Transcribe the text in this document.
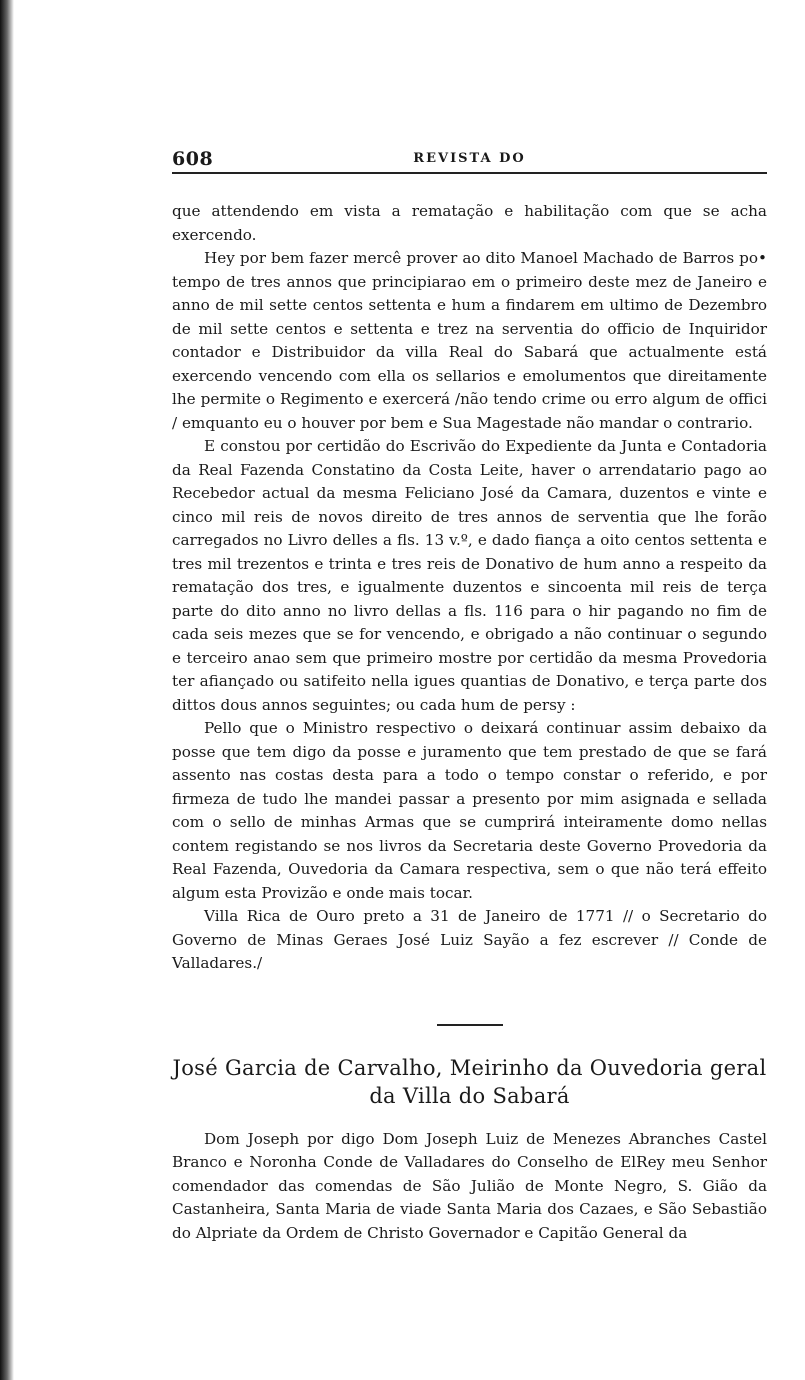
608	REVISTA DO

que attendendo em vista a rematação e habilitação com que se acha exercendo.

Hey por bem fazer mercê prover ao dito Manoel Machado de Barros po• tempo de tres annos que principiarao em o primeiro deste mez de Janeiro e anno de mil sette centos settenta e hum a findarem em ultimo de Dezembro de mil sette centos e settenta e trez na serventia do officio de Inquiridor contador e Distribuidor da villa Real do Sabará que actualmente está exercendo vencendo com ella os sellarios e emolumentos que direitamente lhe permite o Regimento e exercerá /não tendo crime ou erro algum de offici / emquanto eu o houver por bem e Sua Magestade não mandar o contrario.

E constou por certidão do Escrivão do Expediente da Junta e Contadoria da Real Fazenda Constatino da Costa Leite, haver o arrendatario pago ao Recebedor actual da mesma Feliciano José da Camara, duzentos e vinte e cinco mil reis de novos direito de tres annos de serventia que lhe forão carregados no Livro delles a fls. 13 v.º, e dado fiança a oito centos settenta e tres mil trezentos e trinta e tres reis de Donativo de hum anno a respeito da rematação dos tres, e igualmente duzentos e sincoenta mil reis de terça parte do dito anno no livro dellas a fls. 116 para o hir pagando no fim de cada seis mezes que se for vencendo, e obrigado a não continuar o segundo e terceiro anao sem que primeiro mostre por certidão da mesma Provedoria ter afiançado ou satifeito nella igues quantias de Donativo, e terça parte dos dittos dous annos seguintes; ou cada hum de persy :

Pello que o Ministro respectivo o deixará continuar assim debaixo da posse que tem digo da posse e juramento que tem prestado de que se fará assento nas costas desta para a todo o tempo constar o referido, e por firmeza de tudo lhe mandei passar a presento por mim asignada e sellada com o sello de minhas Armas que se cumprirá inteiramente domo nellas contem registando se nos livros da Secretaria deste Governo Provedoria da Real Fazenda, Ouvedoria da Camara respectiva, sem o que não terá effeito algum esta Provizão e onde mais tocar.

Villa Rica de Ouro preto a 31 de Janeiro de 1771 // o Secretario do Governo de Minas Geraes José Luiz Sayão a fez escrever // Conde de Valladares./

José Garcia de Carvalho, Meirinho da Ouvedoria geral da Villa do Sabará

Dom Joseph por digo Dom Joseph Luiz de Menezes Abranches Castel Branco e Noronha Conde de Valladares do Conselho de ElRey meu Senhor comendador das comendas de São Julião de Monte Negro, S. Gião da Castanheira, Santa Maria de viade Santa Maria dos Cazaes, e São Sebastião do Alpriate da Ordem de Christo Governador e Capitão General da
